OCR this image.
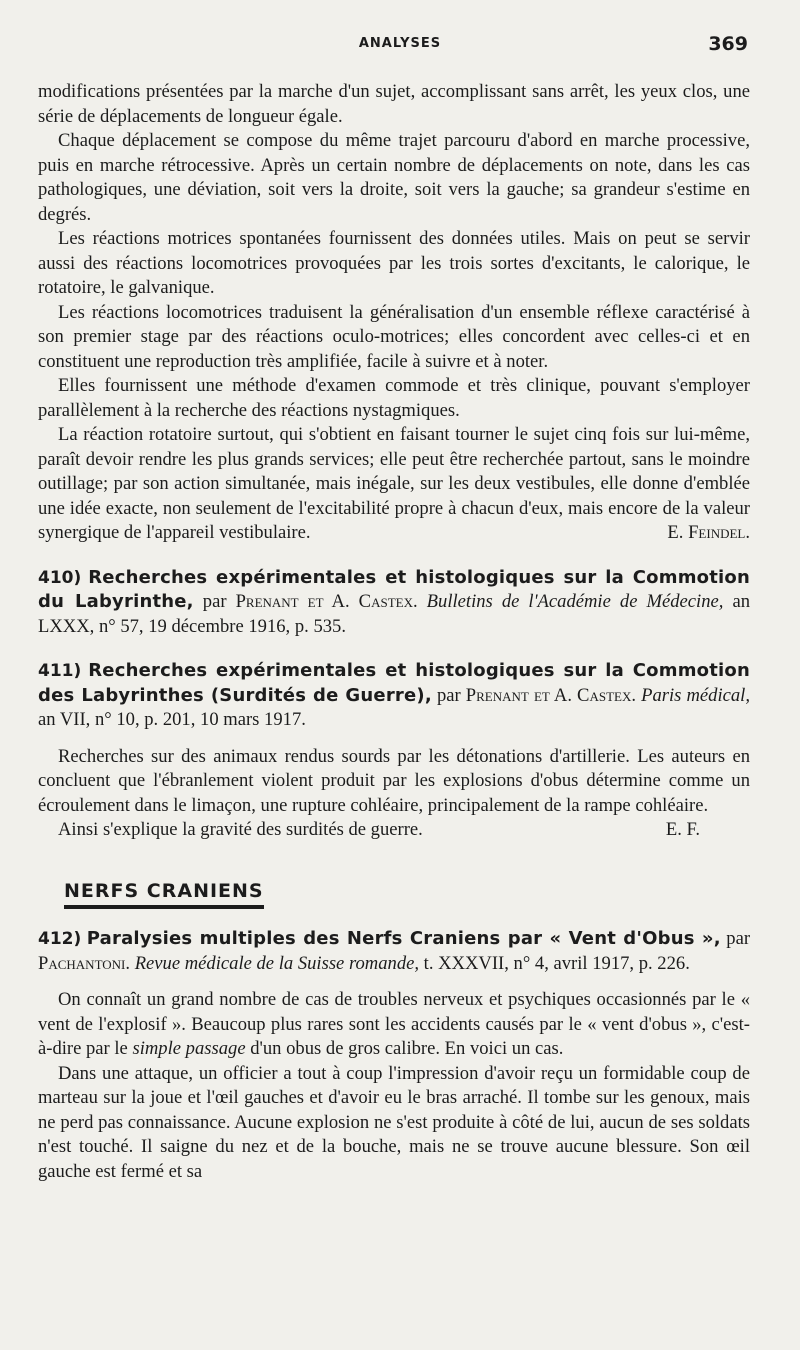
ANALYSES	369

modifications présentées par la marche d'un sujet, accomplissant sans arrêt, les yeux clos, une série de déplacements de longueur égale.

Chaque déplacement se compose du même trajet parcouru d'abord en marche processive, puis en marche rétrocessive. Après un certain nombre de déplacements on note, dans les cas pathologiques, une déviation, soit vers la droite, soit vers la gauche; sa grandeur s'estime en degrés.

Les réactions motrices spontanées fournissent des données utiles. Mais on peut se servir aussi des réactions locomotrices provoquées par les trois sortes d'excitants, le calorique, le rotatoire, le galvanique.

Les réactions locomotrices traduisent la généralisation d'un ensemble réflexe caractérisé à son premier stage par des réactions oculo-motrices; elles concordent avec celles-ci et en constituent une reproduction très amplifiée, facile à suivre et à noter.

Elles fournissent une méthode d'examen commode et très clinique, pouvant s'employer parallèlement à la recherche des réactions nystagmiques.

La réaction rotatoire surtout, qui s'obtient en faisant tourner le sujet cinq fois sur lui-même, paraît devoir rendre les plus grands services; elle peut être recherchée partout, sans le moindre outillage; par son action simultanée, mais inégale, sur les deux vestibules, elle donne d'emblée une idée exacte, non seulement de l'excitabilité propre à chacun d'eux, mais encore de la valeur synergique de l'appareil vestibulaire.	E. Feindel.

410) Recherches expérimentales et histologiques sur la Commotion du Labyrinthe, par Prenant et A. Castex. Bulletins de l'Académie de Médecine, an LXXX, n° 57, 19 décembre 1916, p. 535.

411) Recherches expérimentales et histologiques sur la Commotion des Labyrinthes (Surdités de Guerre), par Prenant et A. Castex. Paris médical, an VII, n° 10, p. 201, 10 mars 1917.

Recherches sur des animaux rendus sourds par les détonations d'artillerie. Les auteurs en concluent que l'ébranlement violent produit par les explosions d'obus détermine comme un écroulement dans le limaçon, une rupture cohléaire, principalement de la rampe cohléaire.

Ainsi s'explique la gravité des surdités de guerre.	E. F.

NERFS CRANIENS

412) Paralysies multiples des Nerfs Craniens par « Vent d'Obus », par Pachantoni. Revue médicale de la Suisse romande, t. XXXVII, n° 4, avril 1917, p. 226.

On connaît un grand nombre de cas de troubles nerveux et psychiques occasionnés par le « vent de l'explosif ». Beaucoup plus rares sont les accidents causés par le « vent d'obus », c'est-à-dire par le simple passage d'un obus de gros calibre. En voici un cas.

Dans une attaque, un officier a tout à coup l'impression d'avoir reçu un formidable coup de marteau sur la joue et l'œil gauches et d'avoir eu le bras arraché. Il tombe sur les genoux, mais ne perd pas connaissance. Aucune explosion ne s'est produite à côté de lui, aucun de ses soldats n'est touché. Il saigne du nez et de la bouche, mais ne se trouve aucune blessure. Son œil gauche est fermé et sa
